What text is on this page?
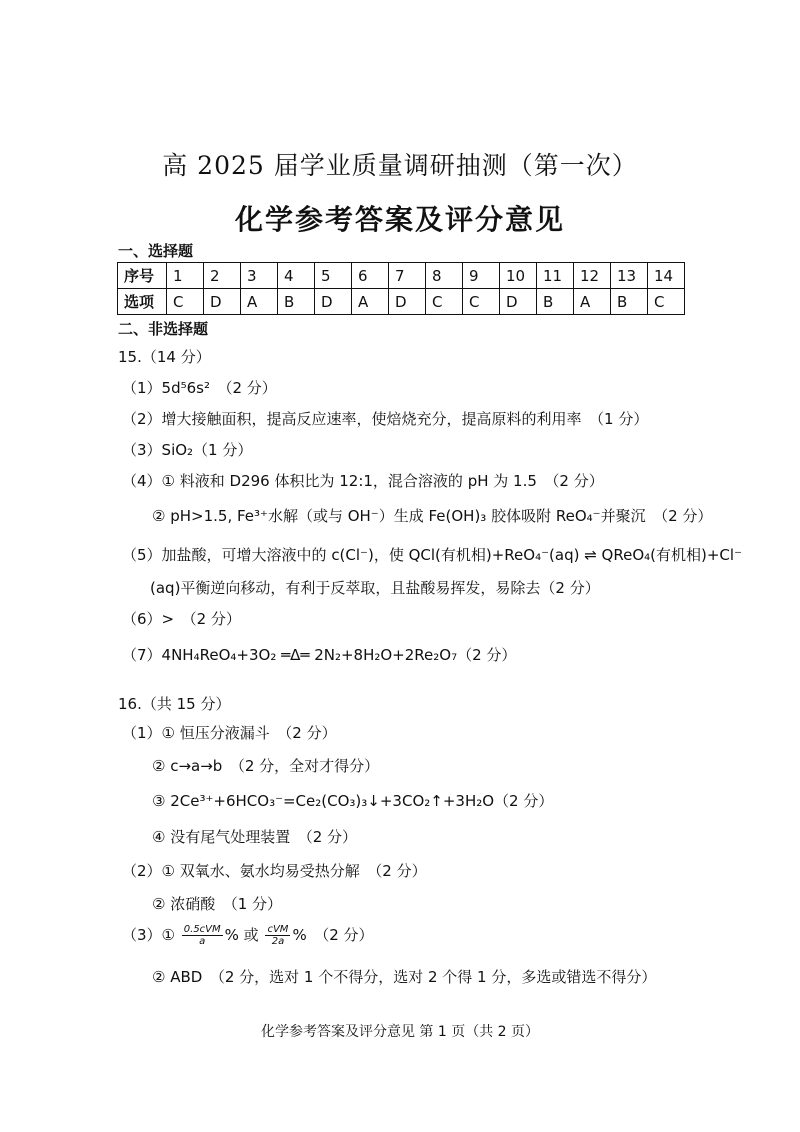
高 2025 届学业质量调研抽测（第一次）
化学参考答案及评分意见
一、选择题
序号	1	2	3	4	5	6	7	8	9	10	11	12	13	14
选项	C	D	A	B	D	A	D	C	C	D	B	A	B	C
二、非选择题
15.（14 分）
（1）5d⁵6s²　（2 分）
（2）增大接触面积，提高反应速率，使焙烧充分，提高原料的利用率　（1 分）
（3）SiO₂（1 分）
（4）① 料液和 D296 体积比为 12:1，混合溶液的 pH 为 1.5　（2 分）
② pH>1.5, Fe³⁺水解（或与 OH⁻）生成 Fe(OH)₃ 胶体吸附 ReO₄⁻并聚沉　（2 分）
（5）加盐酸，可增大溶液中的 c(Cl⁻)，使 QCl(有机相)+ReO₄⁻(aq) ⇌ QReO₄(有机相)+Cl⁻
(aq)平衡逆向移动，有利于反萃取，且盐酸易挥发，易除去（2 分）
（6）>　（2 分）
（7）4NH₄ReO₄+3O₂ ═Δ═ 2N₂+8H₂O+2Re₂O₇（2 分）
16.（共 15 分）
（1）① 恒压分液漏斗　（2 分）
② c→a→b　（2 分，全对才得分）
③ 2Ce³⁺+6HCO₃⁻=Ce₂(CO₃)₃↓+3CO₂↑+3H₂O（2 分）
④ 没有尾气处理装置　（2 分）
（2）① 双氧水、氨水均易受热分解　（2 分）
② 浓硝酸　（1 分）
（3）① $\frac{\text{0.5cVM}}{a}$ % 或 $\frac{\text{cVM}}{2a}$ %　（2 分）
② ABD　（2 分，选对 1 个不得分，选对 2 个得 1 分，多选或错选不得分）
化学参考答案及评分意见 第 1 页（共 2 页）
